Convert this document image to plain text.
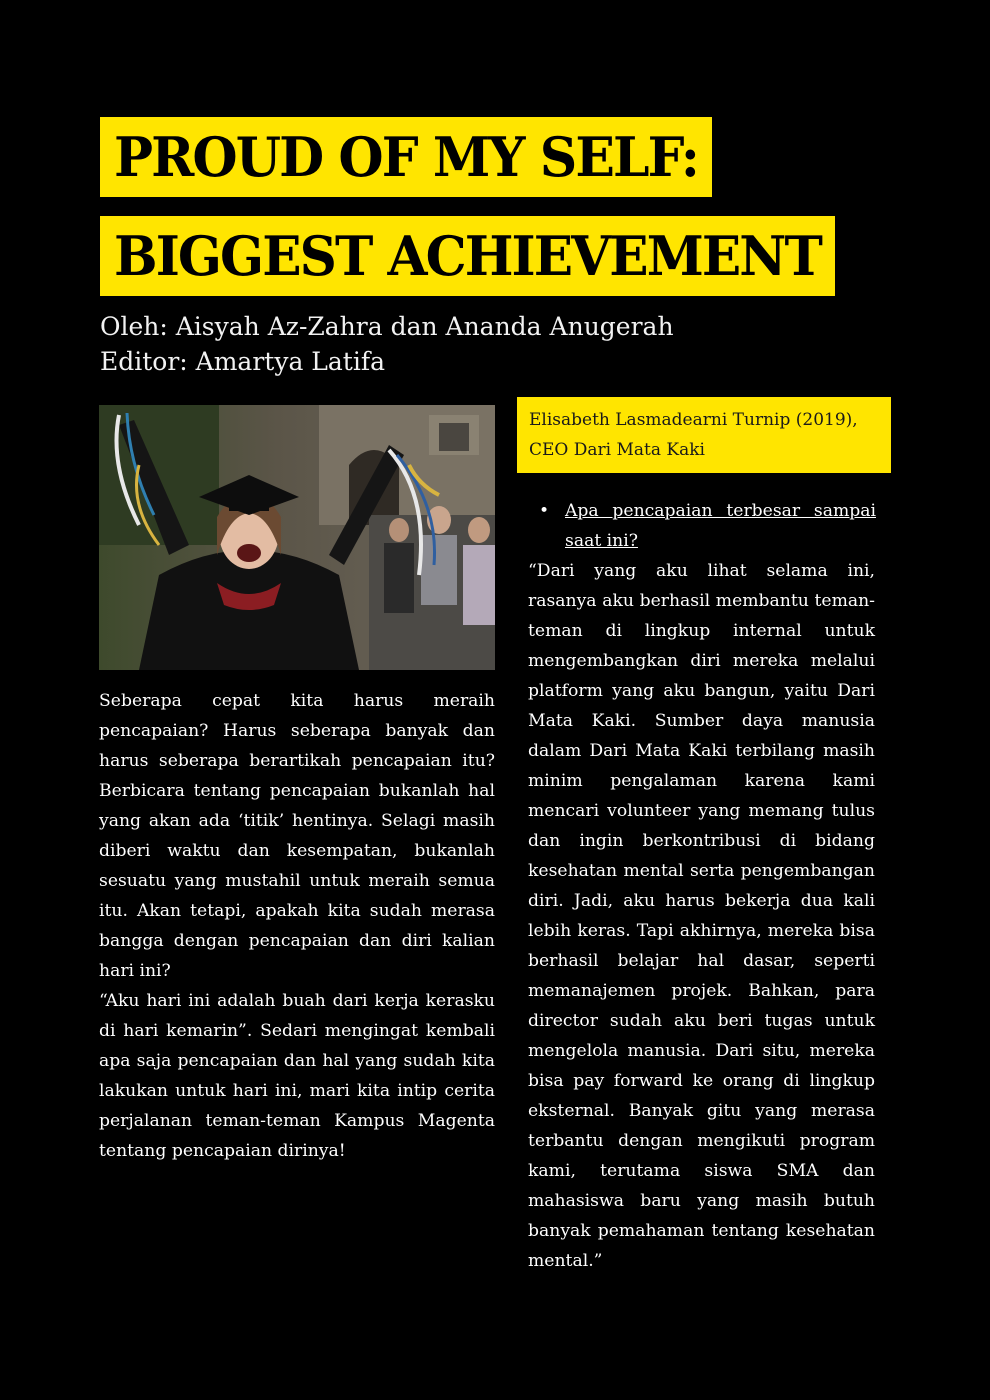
PROUD OF MY SELF:
BIGGEST ACHIEVEMENT
Oleh: Aisyah Az-Zahra dan Ananda Anugerah
Editor: Amartya Latifa

Seberapa cepat kita harus meraih pencapaian? Harus seberapa banyak dan harus seberapa berartikah pencapaian itu? Berbicara tentang pencapaian bukanlah hal yang akan ada ‘titik’ hentinya. Selagi masih diberi waktu dan kesempatan, bukanlah sesuatu yang mustahil untuk meraih semua itu. Akan tetapi, apakah kita sudah merasa bangga dengan pencapaian dan diri kalian hari ini?

“Aku hari ini adalah buah dari kerja kerasku di hari kemarin”. Sedari mengingat kembali apa saja pencapaian dan hal yang sudah kita lakukan untuk hari ini, mari kita intip cerita perjalanan teman-teman Kampus Magenta tentang pencapaian dirinya!

Elisabeth Lasmadearni Turnip (2019), CEO Dari Mata Kaki
• Apa pencapaian terbesar sampai saat ini?

“Dari yang aku lihat selama ini, rasanya aku berhasil membantu teman-teman di lingkup internal untuk mengembangkan diri mereka melalui platform yang aku bangun, yaitu Dari Mata Kaki. Sumber daya manusia dalam Dari Mata Kaki terbilang masih minim pengalaman karena kami mencari volunteer yang memang tulus dan ingin berkontribusi di bidang kesehatan mental serta pengembangan diri. Jadi, aku harus bekerja dua kali lebih keras. Tapi akhirnya, mereka bisa berhasil belajar hal dasar, seperti memanajemen projek. Bahkan, para director sudah aku beri tugas untuk mengelola manusia. Dari situ, mereka bisa pay forward ke orang di lingkup eksternal. Banyak gitu yang merasa terbantu dengan mengikuti program kami, terutama siswa SMA dan mahasiswa baru yang masih butuh banyak pemahaman tentang kesehatan mental.”
